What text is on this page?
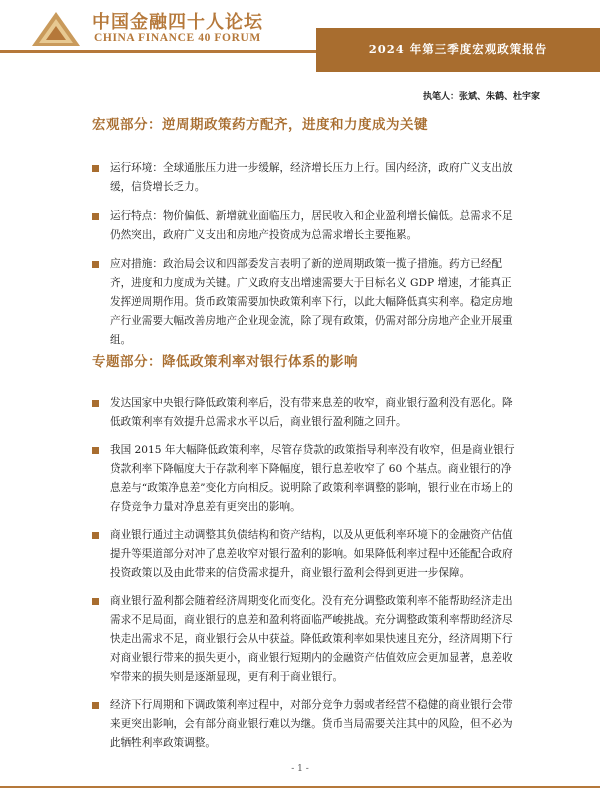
中国金融四十人论坛
CHINA FINANCE 40 FORUM
2024 年第三季度宏观政策报告
执笔人：张斌、朱鹤、杜宇家
宏观部分：逆周期政策药方配齐，进度和力度成为关键
运行环境：全球通胀压力进一步缓解，经济增长压力上行。国内经济，政府广义支出放缓，信贷增长乏力。
运行特点：物价偏低、新增就业面临压力，居民收入和企业盈利增长偏低。总需求不足仍然突出，政府广义支出和房地产投资成为总需求增长主要拖累。
应对措施：政治局会议和四部委发言表明了新的逆周期政策一揽子措施。药方已经配齐，进度和力度成为关键。广义政府支出增速需要大于目标名义 GDP 增速，才能真正发挥逆周期作用。货币政策需要加快政策利率下行，以此大幅降低真实利率。稳定房地产行业需要大幅改善房地产企业现金流，除了现有政策，仍需对部分房地产企业开展重组。
专题部分：降低政策利率对银行体系的影响
发达国家中央银行降低政策利率后，没有带来息差的收窄，商业银行盈利没有恶化。降低政策利率有效提升总需求水平以后，商业银行盈利随之回升。
我国 2015 年大幅降低政策利率，尽管存贷款的政策指导利率没有收窄，但是商业银行贷款利率下降幅度大于存款利率下降幅度，银行息差收窄了 60 个基点。商业银行的净息差与“政策净息差”变化方向相反。说明除了政策利率调整的影响，银行业在市场上的存贷竞争力量对净息差有更突出的影响。
商业银行通过主动调整其负债结构和资产结构，以及从更低利率环境下的金融资产估值提升等渠道部分对冲了息差收窄对银行盈利的影响。如果降低利率过程中还能配合政府投资政策以及由此带来的信贷需求提升，商业银行盈利会得到更进一步保障。
商业银行盈利都会随着经济周期变化而变化。没有充分调整政策利率不能帮助经济走出需求不足局面，商业银行的息差和盈利将面临严峻挑战。充分调整政策利率帮助经济尽快走出需求不足，商业银行会从中获益。降低政策利率如果快速且充分，经济周期下行对商业银行带来的损失更小，商业银行短期内的金融资产估值效应会更加显著，息差收窄带来的损失则是逐渐显现，更有利于商业银行。
经济下行周期和下调政策利率过程中，对部分竞争力弱或者经营不稳健的商业银行会带来更突出影响，会有部分商业银行难以为继。货币当局需要关注其中的风险，但不必为此牺牲利率政策调整。
- 1 -
